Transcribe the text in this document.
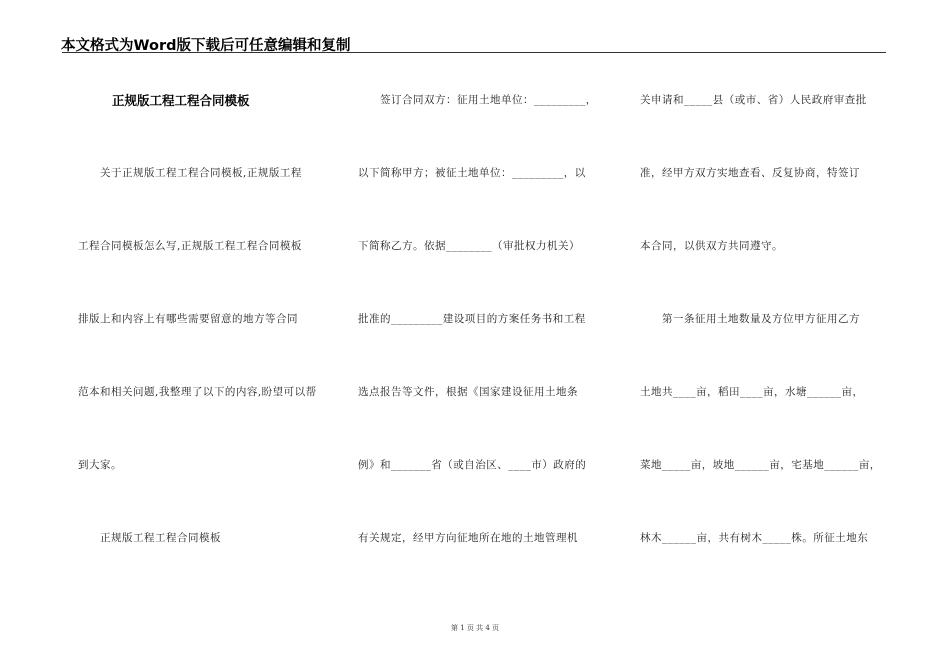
本文格式为Word版下载后可任意编辑和复制
正规版工程工程合同模板
关于正规版工程工程合同模板,正规版工程
工程合同模板怎么写,正规版工程工程合同模板
排版上和内容上有哪些需要留意的地方等合同
范本和相关问题,我整理了以下的内容,盼望可以帮
到大家。
正规版工程工程合同模板
签订合同双方：征用土地单位：_________，
以下简称甲方；被征土地单位：_________，以
下简称乙方。依据________（审批权力机关）
批准的_________建设项目的方案任务书和工程
选点报告等文件，根据《国家建设征用土地条
例》和_______省（或自治区、____市）政府的
有关规定，经甲方向征地所在地的土地管理机
关申请和_____县（或市、省）人民政府审查批
准，经甲方双方实地查看、反复协商，特签订
本合同，以供双方共同遵守。
第一条征用土地数量及方位甲方征用乙方
土地共____亩，稻田____亩，水塘______亩，
菜地_____亩，坡地______亩，宅基地______亩，
林木______亩，共有树木_____株。所征土地东
第 1 页 共 4 页
